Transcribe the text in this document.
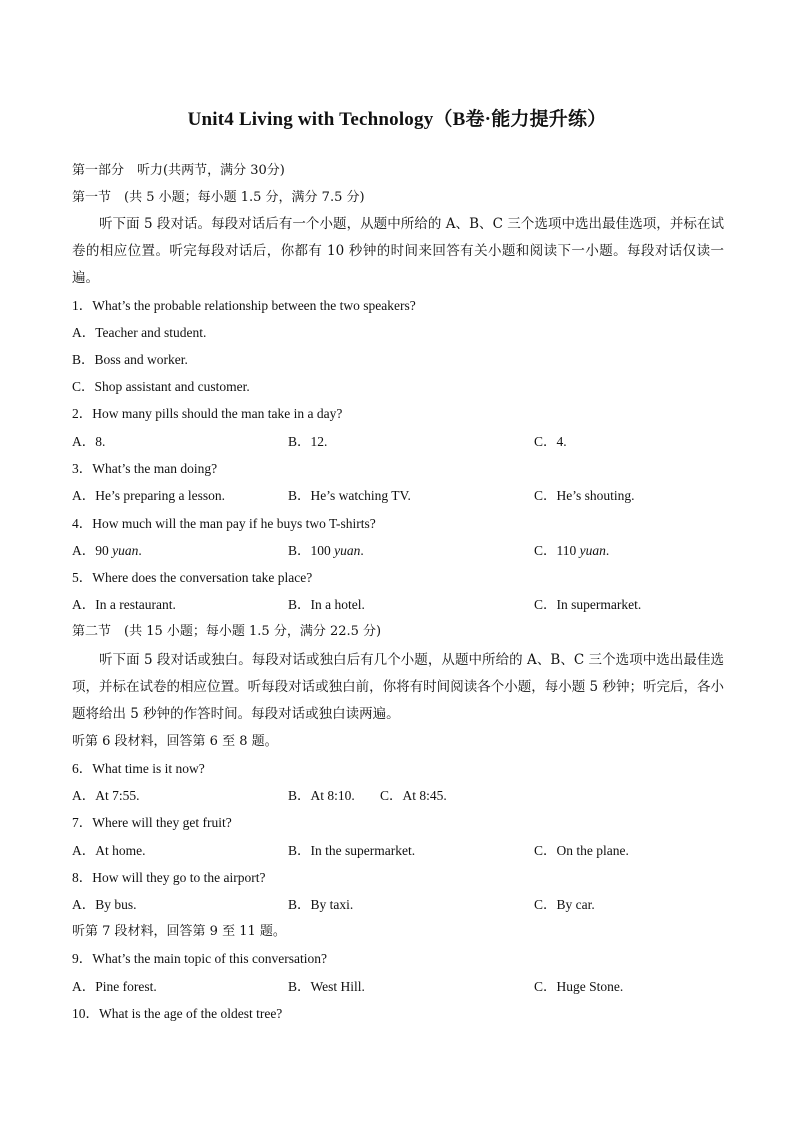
Unit4 Living with Technology（B卷·能力提升练）
第一部分　听力(共两节，满分 30分)
第一节　(共 5 小题；每小题 1.5 分，满分 7.5 分)
听下面 5 段对话。每段对话后有一个小题，从题中所给的 A、B、C 三个选项中选出最佳选项，并标在试卷的相应位置。听完每段对话后，你都有 10 秒钟的时间来回答有关小题和阅读下一小题。每段对话仅读一遍。
1．What’s the probable relationship between the two speakers?
A．Teacher and student.
B．Boss and worker.
C．Shop assistant and customer.
2．How many pills should the man take in a day?
A．8.	B．12.	C．4.
3．What’s the man doing?
A．He’s preparing a lesson.	B．He’s watching TV.	C．He’s shouting.
4．How much will the man pay if he buys two T-shirts?
A．90 yuan.	B．100 yuan.	C．110 yuan.
5．Where does the conversation take place?
A．In a restaurant.	B．In a hotel.	C．In supermarket.
第二节　(共 15 小题；每小题 1.5 分，满分 22.5 分)
听下面 5 段对话或独白。每段对话或独白后有几个小题，从题中所给的 A、B、C 三个选项中选出最佳选项，并标在试卷的相应位置。听每段对话或独白前，你将有时间阅读各个小题，每小题 5 秒钟；听完后，各小题将给出 5 秒钟的作答时间。每段对话或独白读两遍。
听第 6 段材料，回答第 6 至 8 题。
6．What time is it now?
A．At 7:55.	B．At 8:10. C．At 8:45.
7．Where will they get fruit?
A．At home.	B．In the supermarket.	C．On the plane.
8．How will they go to the airport?
A．By bus.	B．By taxi.	C．By car.
听第 7 段材料，回答第 9 至 11 题。
9．What’s the main topic of this conversation?
A．Pine forest.	B．West Hill.	C．Huge Stone.
10．What is the age of the oldest tree?
